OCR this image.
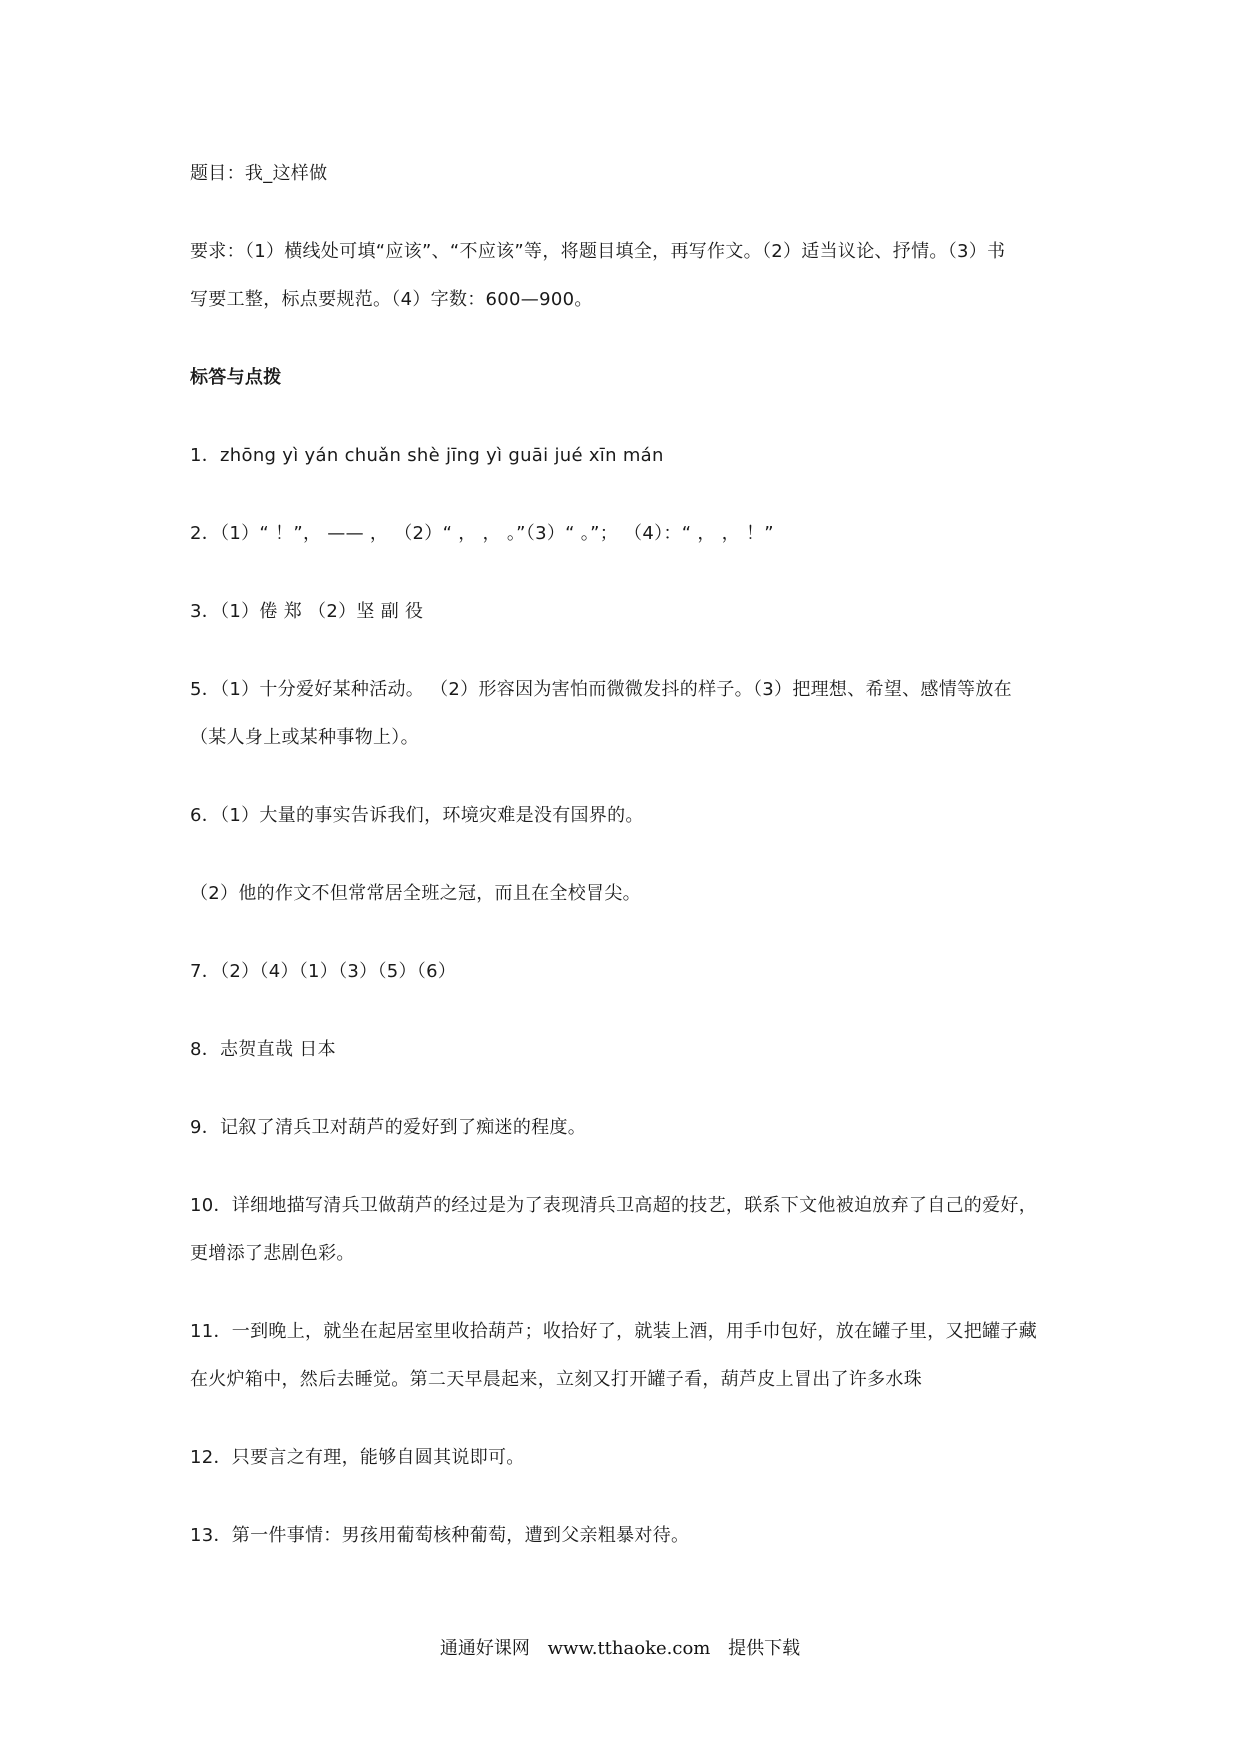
题目：我_这样做
要求：（1）横线处可填“应该”、“不应该”等，将题目填全，再写作文。（2）适当议论、抒情。（3）书
写要工整，标点要规范。（4）字数：600—900。
标答与点拨
1．zhōng yì yán chuǎn shè jīng yì guāi jué xīn mán
2．（1）“ ！”， —— ， （2）“ ， ， 。”（3）“ 。”； （4）：“ ， ， ！”
3．（1）倦 郑 （2）坚 副 役
5．（1）十分爱好某种活动。 （2）形容因为害怕而微微发抖的样子。（3）把理想、希望、感情等放在
（某人身上或某种事物上）。
6．（1）大量的事实告诉我们，环境灾难是没有国界的。
（2）他的作文不但常常居全班之冠，而且在全校冒尖。
7．（2）（4）（1）（3）（5）（6）
8．志贺直哉 日本
9．记叙了清兵卫对葫芦的爱好到了痴迷的程度。
10．详细地描写清兵卫做葫芦的经过是为了表现清兵卫高超的技艺，联系下文他被迫放弃了自己的爱好，
更增添了悲剧色彩。
11．一到晚上，就坐在起居室里收拾葫芦；收拾好了，就装上酒，用手巾包好，放在罐子里，又把罐子藏
在火炉箱中，然后去睡觉。第二天早晨起来，立刻又打开罐子看，葫芦皮上冒出了许多水珠
12．只要言之有理，能够自圆其说即可。
13．第一件事情：男孩用葡萄核种葡萄，遭到父亲粗暴对待。
通通好课网 www.tthaoke.com 提供下载
